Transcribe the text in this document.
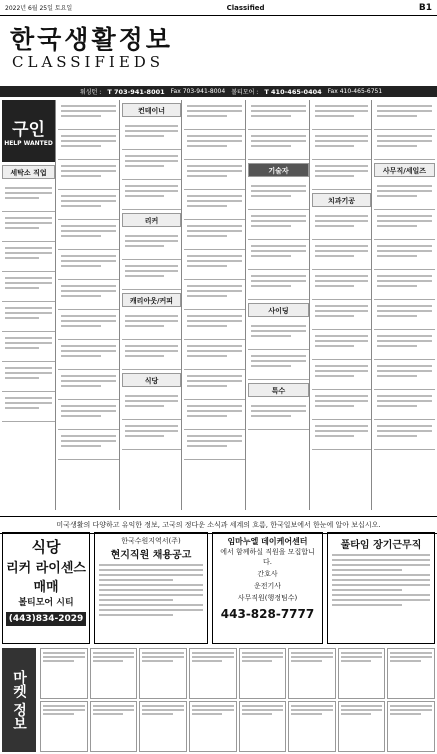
2022년 6월 25일 토요일	Classified	B1
한국생활정보
CLASSIFIEDS
워싱턴 : T 703-941-8001 Fax 703-941-8004 볼티모어 : T 410-465-0404 Fax 410-465-6751
구인
HELP WANTED
세탁소 직업
컨테이너
리커
캐리아웃/커피
식당
기술자
사이딩
특수
치과기공
사무직/세일즈
미국생활의 다양하고 유익한 정보, 고국의 정다운 소식과 세계의 흐름, 한국일보에서 한눈에 알아 보십시오.
식당
리커 라이센스
매매
볼티모어 시티
(443)834-2029
한국수원지역서(주)
현지직원 채용공고
임마누엘 데이케어센터
에서 함께하실 직원을 모집합니다.
간호사
운전기사
사무직원(행정팀수)
443-828-7777
풀타임 장기근무직
마켓 정보
